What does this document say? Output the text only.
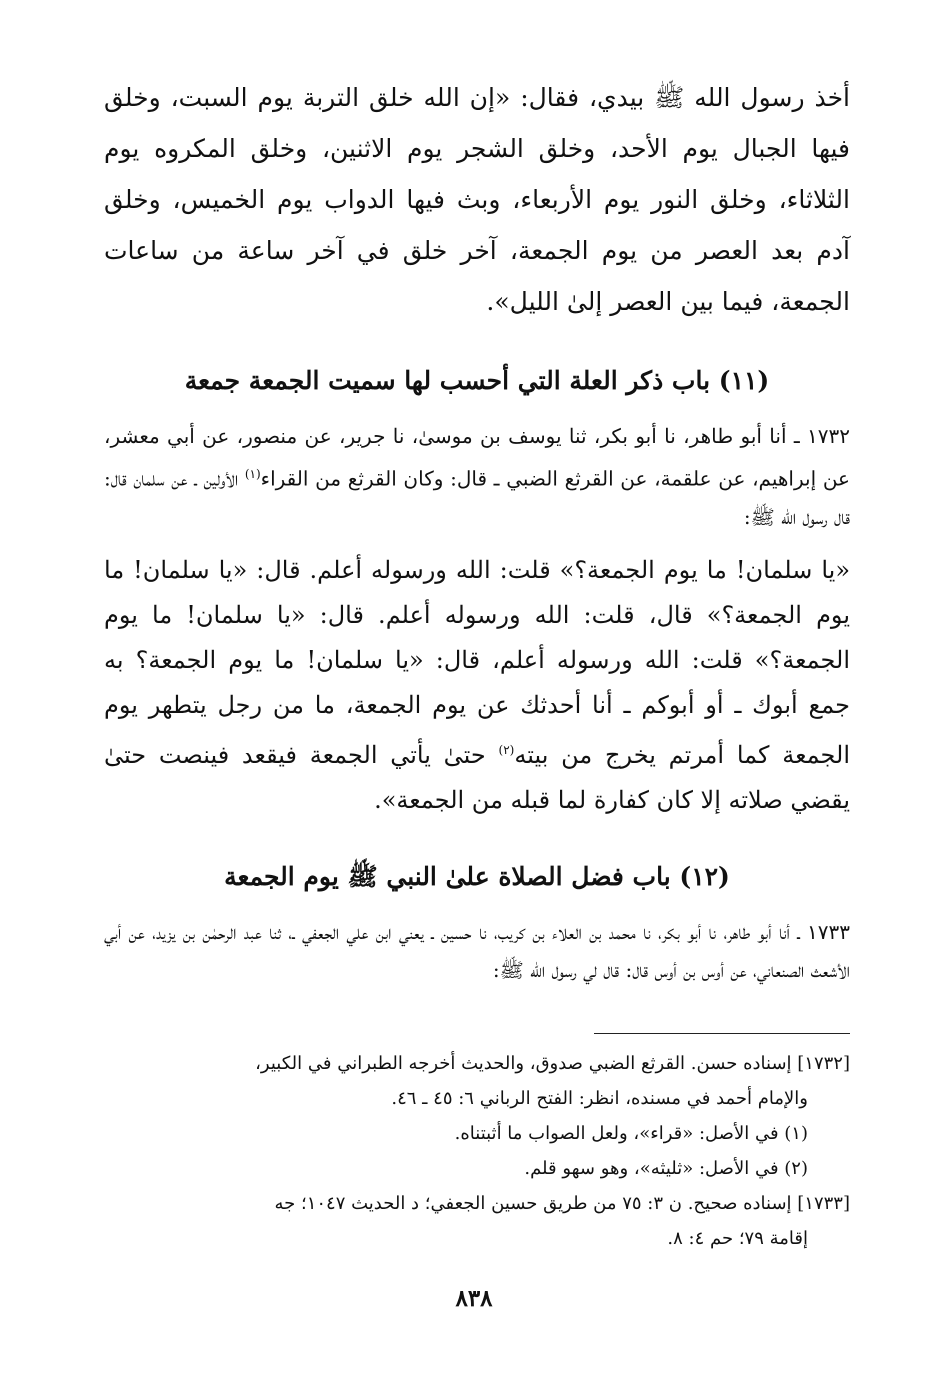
أخذ رسول الله ﷺ بيدي، فقال: «إن الله خلق التربة يوم السبت، وخلق فيها الجبال يوم الأحد، وخلق الشجر يوم الاثنين، وخلق المكروه يوم الثلاثاء، وخلق النور يوم الأربعاء، وبث فيها الدواب يوم الخميس، وخلق آدم بعد العصر من يوم الجمعة، آخر خلق في آخر ساعة من ساعات الجمعة، فيما بين العصر إلىٰ الليل».

(١١) باب ذكر العلة التي أحسب لها سميت الجمعة جمعة

١٧٣٢ ـ أنا أبو طاهر، نا أبو بكر، ثنا يوسف بن موسىٰ، نا جرير، عن منصور، عن أبي معشر، عن إبراهيم، عن علقمة، عن القرثع الضبي ـ قال: وكان القرثع من القراء$^{(١)}$ الأولين ـ عن سلمان قال: قال رسول الله ﷺ:

«يا سلمان! ما يوم الجمعة؟» قلت: الله ورسوله أعلم. قال: «يا سلمان! ما يوم الجمعة؟» قال، قلت: الله ورسوله أعلم. قال: «يا سلمان! ما يوم الجمعة؟» قلت: الله ورسوله أعلم، قال: «يا سلمان! ما يوم الجمعة؟ به جمع أبوك ـ أو أبوكم ـ أنا أحدثك عن يوم الجمعة، ما من رجل يتطهر يوم الجمعة كما أمرتم يخرج من بيته$^{(٢)}$ حتىٰ يأتي الجمعة فيقعد فينصت حتىٰ يقضي صلاته إلا كان كفارة لما قبله من الجمعة».

(١٢) باب فضل الصلاة علىٰ النبي ﷺ يوم الجمعة

١٧٣٣ ـ أنا أبو طاهر، نا أبو بكر، نا محمد بن العلاء بن كريب، نا حسين ـ يعني ابن علي الجعفي ـ، ثنا عبد الرحمٰن بن يزيد، عن أبي الأشعث الصنعاني، عن أوس بن أوس قال: قال لي رسول الله ﷺ:

[١٧٣٢] إسناده حسن. القرثع الضبي صدوق، والحديث أخرجه الطبراني في الكبير،

والإمام أحمد في مسنده، انظر: الفتح الرباني ٦: ٤٥ ـ ٤٦.

(١) في الأصل: «قراء»، ولعل الصواب ما أثبتناه.

(٢) في الأصل: «ثليثه»، وهو سهو قلم.

[١٧٣٣] إسناده صحيح. ن ٣: ٧٥ من طريق حسين الجعفي؛ د الحديث ١٠٤٧؛ جه

إقامة ٧٩؛ حم ٤: ٨.

٨٣٨
